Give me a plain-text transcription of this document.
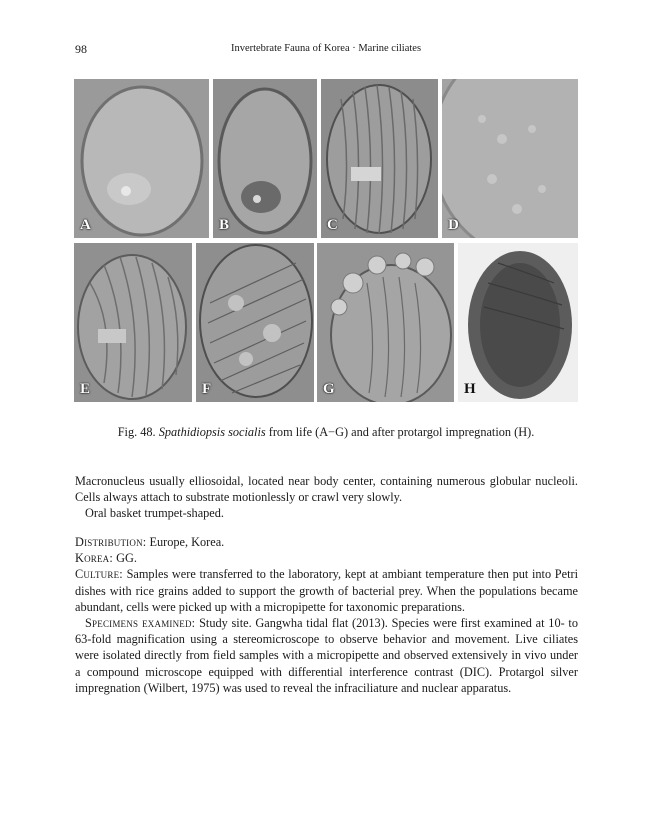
98	Invertebrate Fauna of Korea · Marine ciliates
A	B	C	D
E	F	G	H
Fig. 48. Spathidiopsis socialis from life (A−G) and after protargol impregnation (H).

Macronucleus usually elliosoidal, located near body center, containing numerous globular nucleoli. Cells always attach to substrate motionlessly or crawl very slowly.

Oral basket trumpet-shaped.

Distribution: Europe, Korea.

Korea: GG.

Culture: Samples were transferred to the laboratory, kept at ambiant temperature then put into Petri dishes with rice grains added to support the growth of bacterial prey. When the populations became abundant, cells were picked up with a micropipette for taxonomic preparations.

Specimens examined: Study site. Gangwha tidal flat (2013). Species were first examined at 10- to 63-fold magnification using a stereomicroscope to observe behavior and movement. Live ciliates were isolated directly from field samples with a micropipette and observed extensively in vivo under a compound microscope equipped with differential interference contrast (DIC). Protargol silver impregnation (Wilbert, 1975) was used to reveal the infraciliature and nuclear apparatus.
